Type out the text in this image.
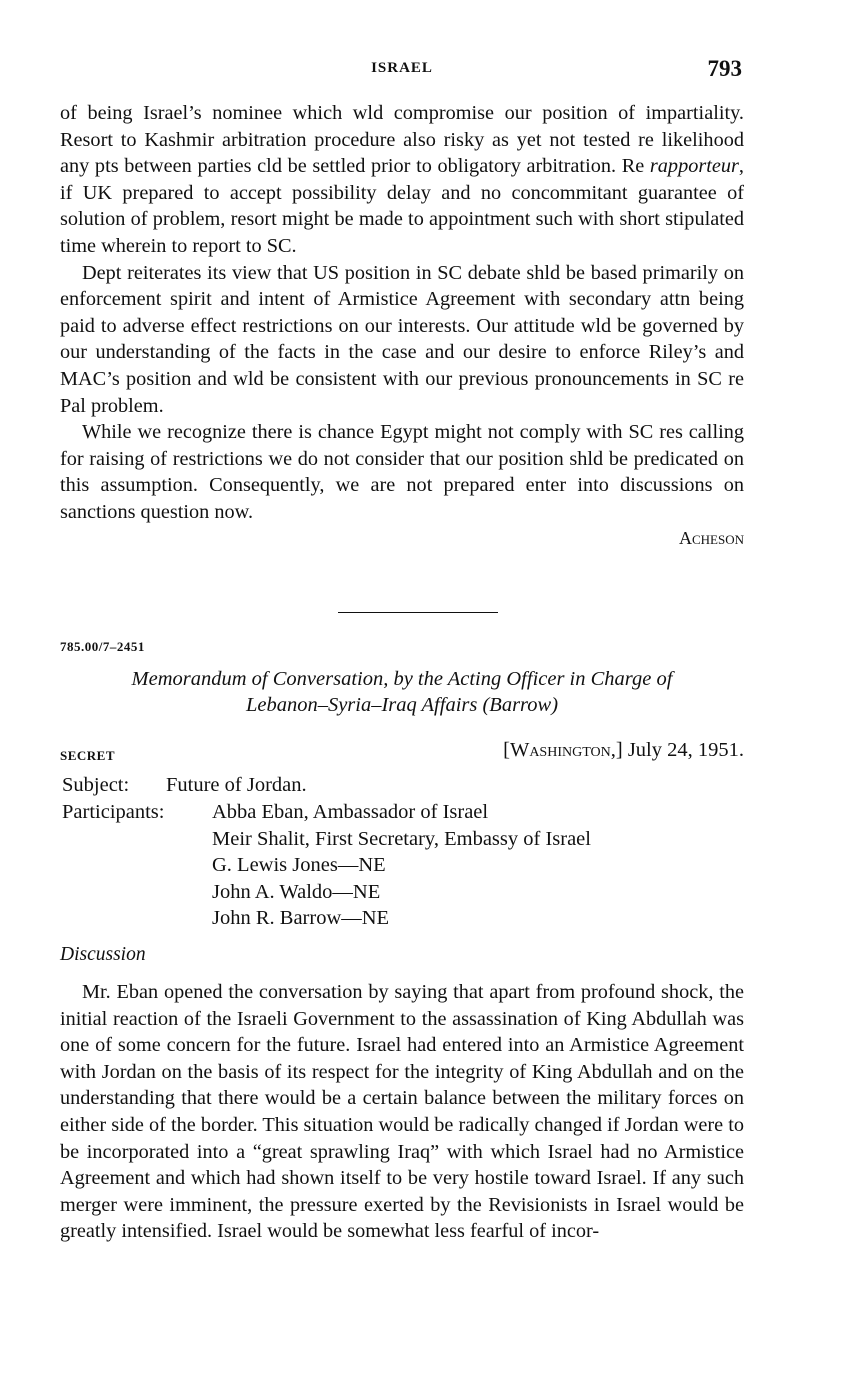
ISRAEL	793

of being Israel’s nominee which wld compromise our position of impartiality. Resort to Kashmir arbitration procedure also risky as yet not tested re likelihood any pts between parties cld be settled prior to obligatory arbitration. Re rapporteur, if UK prepared to accept possibility delay and no concommitant guarantee of solution of problem, resort might be made to appointment such with short stipulated time wherein to report to SC.

Dept reiterates its view that US position in SC debate shld be based primarily on enforcement spirit and intent of Armistice Agreement with secondary attn being paid to adverse effect restrictions on our interests. Our attitude wld be governed by our understanding of the facts in the case and our desire to enforce Riley’s and MAC’s position and wld be consistent with our previous pronouncements in SC re Pal problem.

While we recognize there is chance Egypt might not comply with SC res calling for raising of restrictions we do not consider that our position shld be predicated on this assumption. Consequently, we are not prepared enter into discussions on sanctions question now.

Acheson

785.00/7–2451
Memorandum of Conversation, by the Acting Officer in Charge of
Lebanon–Syria–Iraq Affairs (Barrow)
SECRET	[Washington,] July 24, 1951.
Subject: Future of Jordan.
Participants: Abba Eban, Ambassador of Israel
Meir Shalit, First Secretary, Embassy of Israel
G. Lewis Jones—NE
John A. Waldo—NE
John R. Barrow—NE
Discussion

Mr. Eban opened the conversation by saying that apart from profound shock, the initial reaction of the Israeli Government to the assassination of King Abdullah was one of some concern for the future. Israel had entered into an Armistice Agreement with Jordan on the basis of its respect for the integrity of King Abdullah and on the understanding that there would be a certain balance between the military forces on either side of the border. This situation would be radically changed if Jordan were to be incorporated into a “great sprawling Iraq” with which Israel had no Armistice Agreement and which had shown itself to be very hostile toward Israel. If any such merger were imminent, the pressure exerted by the Revisionists in Israel would be greatly intensified. Israel would be somewhat less fearful of incor-
